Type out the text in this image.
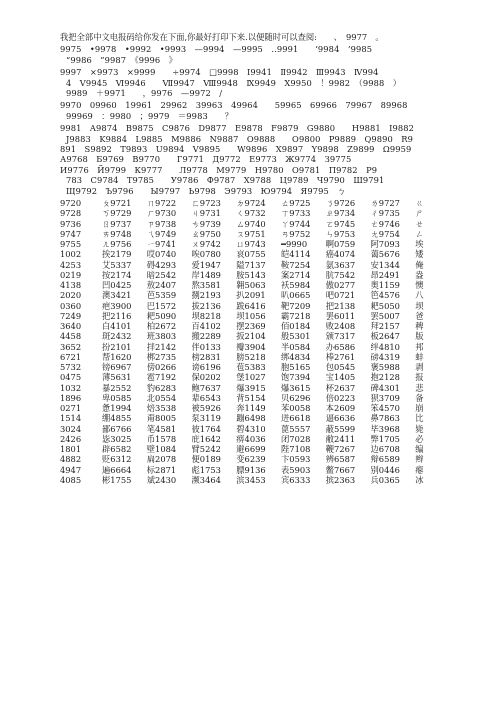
我把全部中文电报码给你发在下面,你最好打印下来.以便随时可以查阅:　　、　9977　。

9975　•9978　•9992　•9993　—9994　—9995　‥9991　　‘9984　’9985
“9986　”9987　《9996　》
9997　×9973　×9999　　÷9974　□9998　Ⅰ9941　Ⅱ9942　Ⅲ9943　Ⅳ994
4　Ⅴ9945　Ⅵ9946　　Ⅶ9947　Ⅷ9948　Ⅸ9949　Ⅹ9950　！9982　（9988　）
9989　＋9971　　，9976　—9972　/
9970　09960　19961　29962　39963　49964　　59965　69966　79967　89968
99969　：9980　；9979　＝9983　　？
9981　A9874　B9875　C9876　D9877　E9878　F9879　G9880　　H9881　I9882
J9883　K9884　L9885　M9886　N9887　O9888　　O9800　P9889　Q9890　R9
891　S9892　T9893　U9894　V9895　　W9896　X9897　Y9898　Z9899　Ω9959
А9768　Б9769　В9770　　Г9771　Д9772　Е9773　Ж9774　З9775
И9776　Й9799　К9777　　Л9778　М9779　Н9780　О9781　П9782　Р9
783　С9784　Т9785　　У9786　Ф9787　Х9788　Ц9789　Ч9790　Ш9791
Щ9792　Ъ9796　　Ы9797　Ь9798　Э9793　Ю9794　Я9795　ㄅ
9720	ㄆ9721	ㄇ9722	ㄈ9723	ㄉ9724	ㄊ9725	ㄋ9726	ㄌ9727	ㄍ
9728	ㄎ9729	ㄏ9730	ㄐ9731	ㄑ9732	ㄒ9733	ㄓ9734	ㄔ9735	ㄕ
9736	ㄖ9737	ㄗ9738	ㄘ9739	ㄙ9740	ㄚ9744	ㄛ9745	ㄜ9746	ㄝ
9747	ㄞ9748	ㄟ9749	ㄠ9750	ㄡ9751	ㄢ9752	ㄣ9753	ㄤ9754	ㄥ
9755	ㄦ9756	ㄧ9741	ㄨ9742	ㄩ9743	━9990	啊0759	阿7093	埃
1002	挨2179	哎0740	唉0780	哀0755	皑4114	癌4074	蔼5676	矮
4253	艾5337	碍4293	爱1947	隘7137	鞍7254	氨3637	安1344	俺
0219	按2174	暗2542	岸1489	胺5143	案2714	肮7542	昂2491	盎
4138	凹0425	敖2407	熬3581	翱5063	袄5984	傲0277	奥1159	懊
2020	澳3421	芭5359	捌2193	扒2091	叭0665	吧0721	笆4576	八
0360	疤3900	巴1572	拔2136	跋6416	靶7209	把2138	耙5050	坝
7249	把2116	耙5090	坝8218	坝1056	霸7218	罢6011	罢5007	爸
3640	白4101	柏2672	百4102	摆2369	佰0184	败2408	拜2157	稗
4458	斑2432	班3803	搬2289	扳2104	般5301	颁7317	板2647	版
3652	扮2101	拌2142	伴0133	瓣3904	半0584	办6586	绊4810	邦
6721	帮1620	梆2735	榜2831	膀5218	绑4834	棒2761	磅4319	蚌
5732	镑6967	傍0266	谤6196	苞5383	胞5165	包0545	褒5988	剥
0475	薄5631	雹7192	保0202	堡1027	饱7394	宝1405	抱2128	报
1032	暴2552	豹6283	鲍7637	爆3915	爆3615	杯2637	碑4301	悲
1896	卑0585	北0554	辈6543	背5154	贝6296	倍0223	狈3709	备
0271	惫1994	焙3538	被5926	奔1149	苯0058	本2609	笨4570	崩
1514	绷4855	甭8005	泵3119	蹦6498	迸6618	逼6636	鼻7863	比
3024	鄙6766	笔4581	彼1764	碧4310	蓖5557	蔽5599	毕3968	毙
2426	毖3025	币1578	庇1642	痹4036	闭7028	敝2411	弊1705	必
1801	辟6582	壁1084	臂5242	避6699	陛7108	鞭7267	边6708	编
4882	贬6312	扁2078	便0189	变6239	卞0593	辨6587	辩6589	辫
4947	遍6664	标2871	彪1753	膘9136	表5903	鳖7667	别0446	瘪
4085	彬1755	斌2430	濒3464	滨3453	宾6333	摈2363	兵0365	冰
